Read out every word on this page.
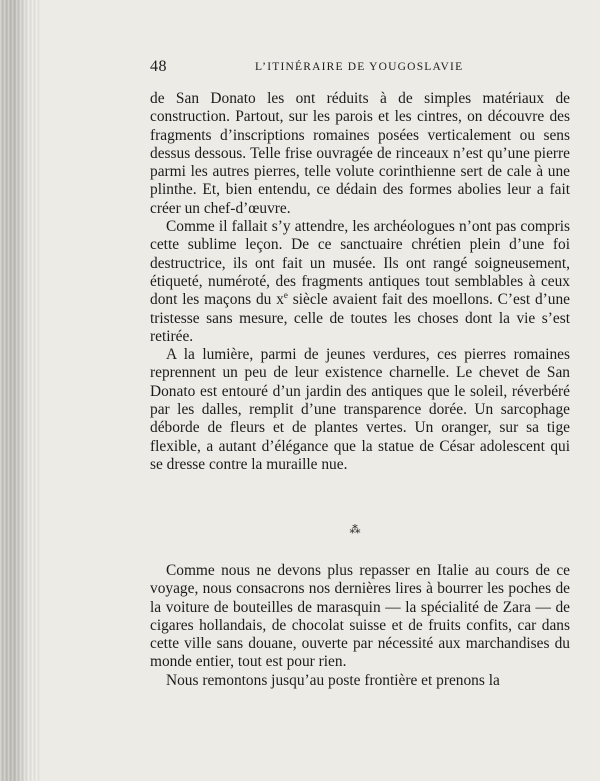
48	L’ITINÉRAIRE DE YOUGOSLAVIE

de San Donato les ont réduits à de simples matériaux de construction. Partout, sur les parois et les cintres, on découvre des fragments d’inscriptions romaines posées verticalement ou sens dessus dessous. Telle frise ouvragée de rinceaux n’est qu’une pierre parmi les autres pierres, telle volute corinthienne sert de cale à une plinthe. Et, bien entendu, ce dédain des formes abolies leur a fait créer un chef-d’œuvre.

Comme il fallait s’y attendre, les archéologues n’ont pas compris cette sublime leçon. De ce sanctuaire chrétien plein d’une foi destructrice, ils ont fait un musée. Ils ont rangé soigneusement, étiqueté, numéroté, des fragments antiques tout semblables à ceux dont les maçons du $x^e$ siècle avaient fait des moellons. C’est d’une tristesse sans mesure, celle de toutes les choses dont la vie s’est retirée.

A la lumière, parmi de jeunes verdures, ces pierres romaines reprennent un peu de leur existence charnelle. Le chevet de San Donato est entouré d’un jardin des antiques que le soleil, réverbéré par les dalles, remplit d’une transparence dorée. Un sarcophage déborde de fleurs et de plantes vertes. Un oranger, sur sa tige flexible, a autant d’élégance que la statue de César adolescent qui se dresse contre la muraille nue.

⁂

Comme nous ne devons plus repasser en Italie au cours de ce voyage, nous consacrons nos dernières lires à bourrer les poches de la voiture de bouteilles de marasquin — la spécialité de Zara — de cigares hollandais, de chocolat suisse et de fruits confits, car dans cette ville sans douane, ouverte par nécessité aux marchandises du monde entier, tout est pour rien.

Nous remontons jusqu’au poste frontière et prenons la
